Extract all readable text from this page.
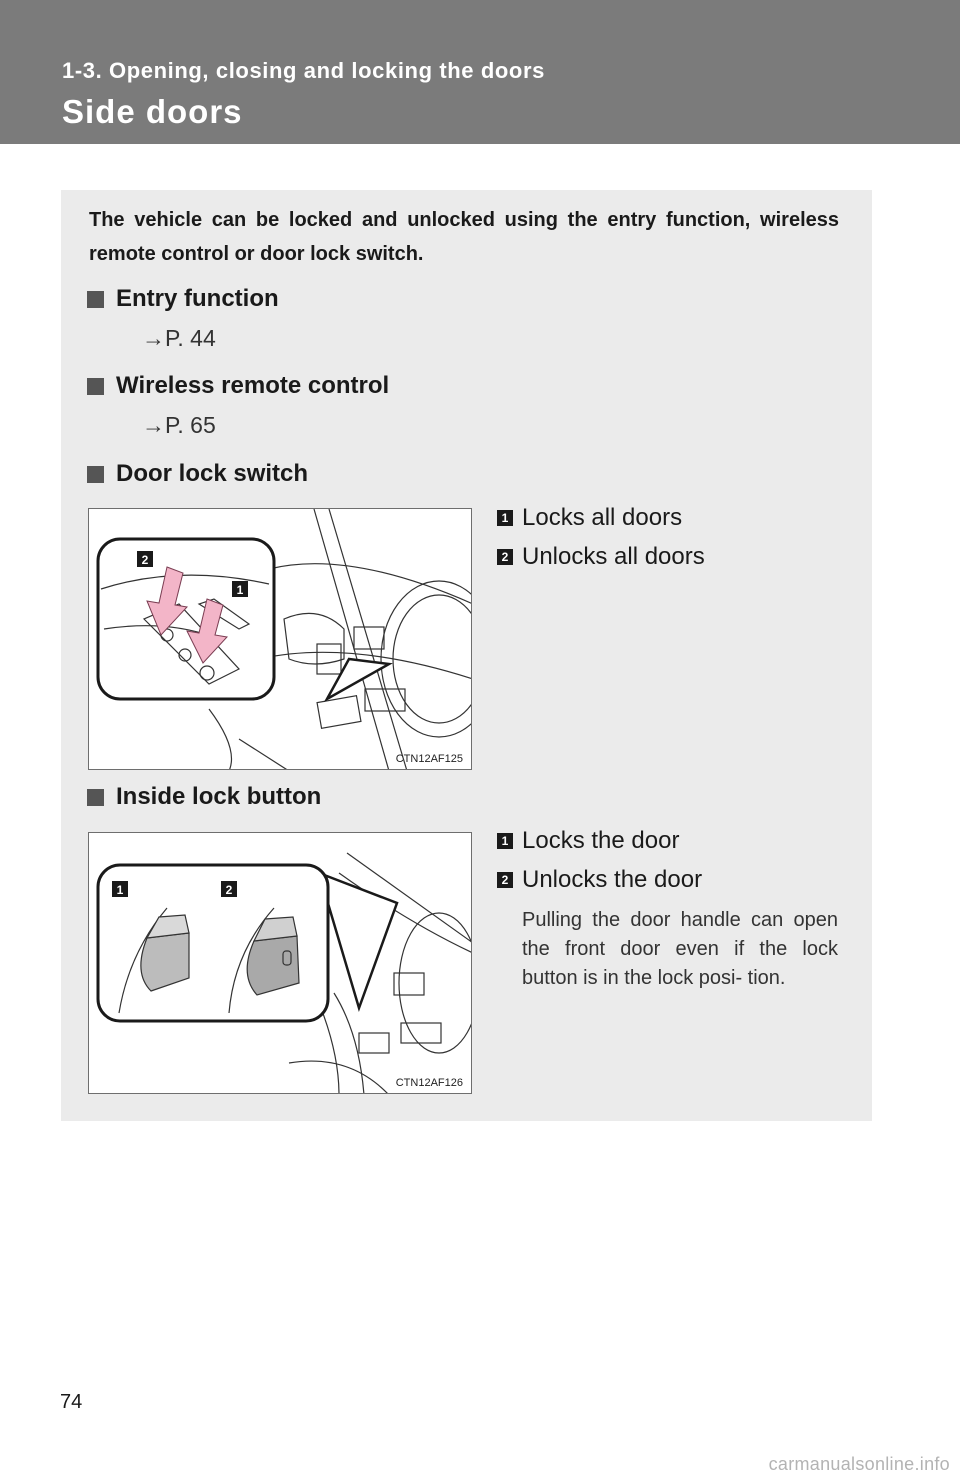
1-3. Opening, closing and locking the doors
Side doors
The vehicle can be locked and unlocked using the entry function, wireless remote control or door lock switch.
Entry function
→P. 44
Wireless remote control
→P. 65
Door lock switch
2
1
CTN12AF125
1 Locks all doors
2 Unlocks all doors
Inside lock button
1	2
CTN12AF126
1 Locks the door
2 Unlocks the door
Pulling the door handle can open the front door even if the lock button is in the lock posi- tion.
74
carmanualsonline.info
